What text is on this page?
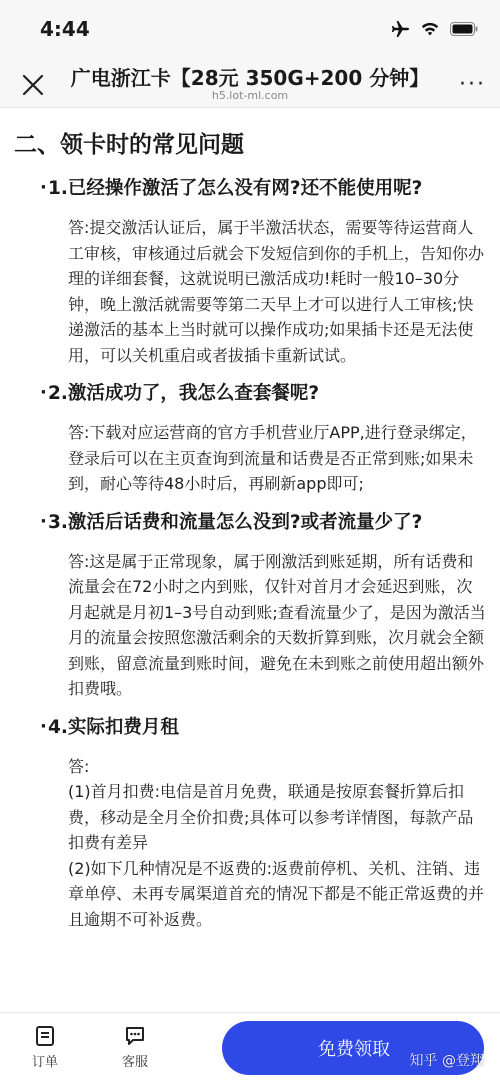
4:44
广电浙江卡【28元 350G+200 分钟】
h5.lot-ml.com	···
二、领卡时的常见问题
· 1.已经操作激活了怎么没有网?还不能使用呢?

答:提交激活认证后，属于半激活状态，需要等待运营商人工审核，审核通过后就会下发短信到你的手机上，告知你办理的详细套餐，这就说明已激活成功!耗时一般10–30分钟，晚上激活就需要等第二天早上才可以进行人工审核;快递激活的基本上当时就可以操作成功;如果插卡还是无法使用，可以关机重启或者拔插卡重新试试。

· 2.激活成功了，我怎么查套餐呢?

答:下载对应运营商的官方手机营业厅APP,进行登录绑定，登录后可以在主页查询到流量和话费是否正常到账;如果未到，耐心等待48小时后，再刷新app即可;

· 3.激活后话费和流量怎么没到?或者流量少了?

答:这是属于正常现象，属于刚激活到账延期，所有话费和流量会在72小时之内到账，仅针对首月才会延迟到账，次月起就是月初1–3号自动到账;查看流量少了，是因为激活当月的流量会按照您激活剩余的天数折算到账，次月就会全额到账，留意流量到账时间，避免在未到账之前使用超出额外扣费哦。

· 4.实际扣费月租

答:

(1)首月扣费:电信是首月免费，联通是按原套餐折算后扣费，移动是全月全价扣费;具体可以参考详情图，每款产品扣费有差异

(2)如下几种情况是不返费的:返费前停机、关机、注销、违章单停、未再专属渠道首充的情况下都是不能正常返费的并且逾期不可补返费。

订单	客服
免费领取
知乎 @登翔
